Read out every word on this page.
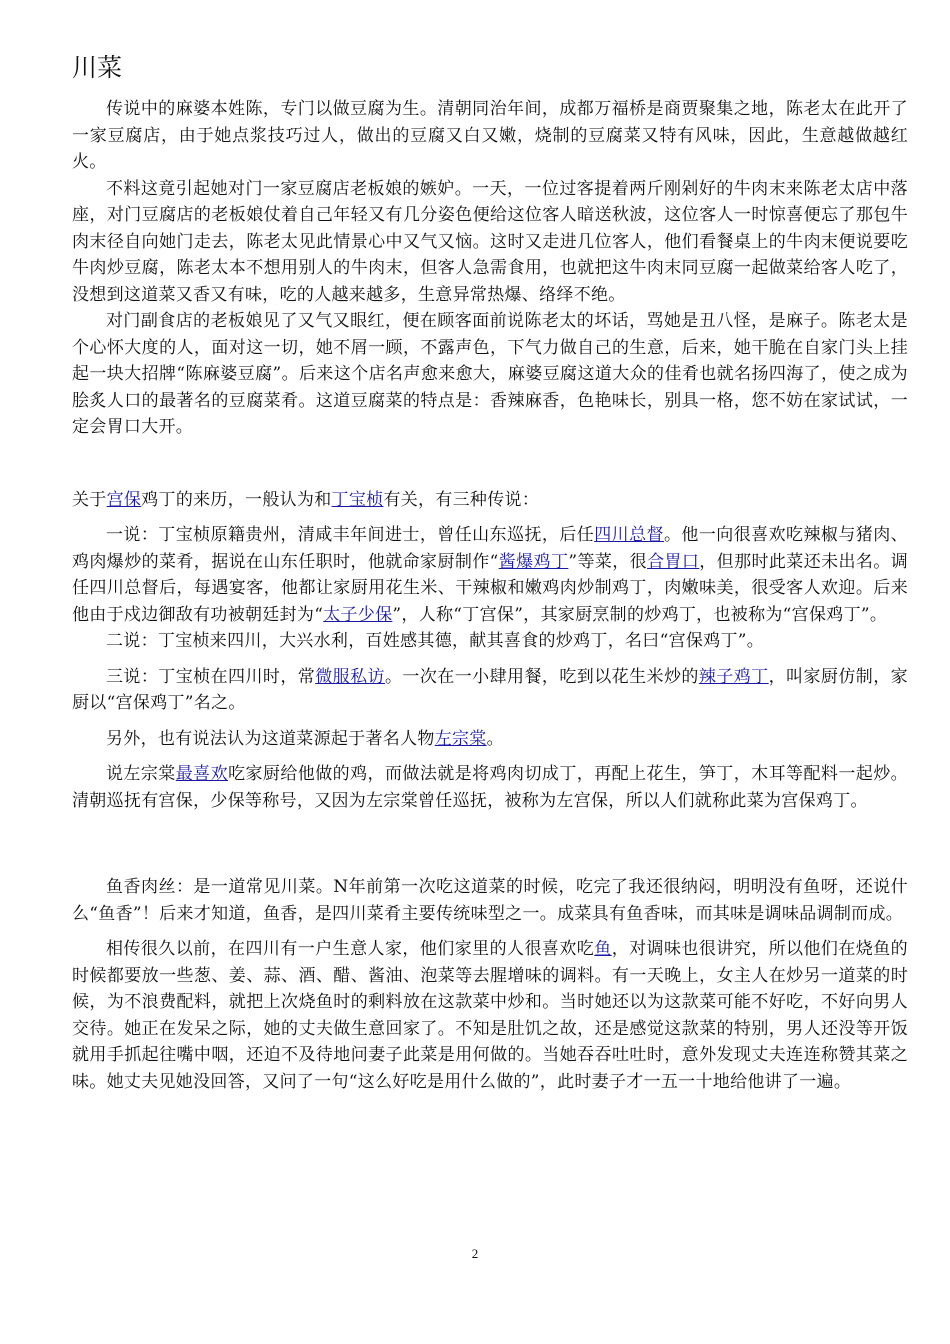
川菜

传说中的麻婆本姓陈，专门以做豆腐为生。清朝同治年间，成都万福桥是商贾聚集之地，陈老太在此开了一家豆腐店，由于她点浆技巧过人，做出的豆腐又白又嫩，烧制的豆腐菜又特有风味，因此，生意越做越红火。

不料这竟引起她对门一家豆腐店老板娘的嫉妒。一天，一位过客提着两斤刚剁好的牛肉末来陈老太店中落座，对门豆腐店的老板娘仗着自己年轻又有几分姿色便给这位客人暗送秋波，这位客人一时惊喜便忘了那包牛肉末径自向她门走去，陈老太见此情景心中又气又恼。这时又走进几位客人，他们看餐桌上的牛肉末便说要吃牛肉炒豆腐，陈老太本不想用别人的牛肉末，但客人急需食用，也就把这牛肉末同豆腐一起做菜给客人吃了，没想到这道菜又香又有味，吃的人越来越多，生意异常热爆、络绎不绝。

对门副食店的老板娘见了又气又眼红，便在顾客面前说陈老太的坏话，骂她是丑八怪，是麻子。陈老太是个心怀大度的人，面对这一切，她不屑一顾，不露声色，下气力做自己的生意，后来，她干脆在自家门头上挂起一块大招牌“陈麻婆豆腐”。后来这个店名声愈来愈大，麻婆豆腐这道大众的佳肴也就名扬四海了，使之成为脍炙人口的最著名的豆腐菜肴。这道豆腐菜的特点是：香辣麻香，色艳味长，别具一格，您不妨在家试试，一定会胃口大开。

关于宫保鸡丁的来历，一般认为和丁宝桢有关，有三种传说：

一说：丁宝桢原籍贵州，清咸丰年间进士，曾任山东巡抚，后任四川总督。他一向很喜欢吃辣椒与猪肉、鸡肉爆炒的菜肴，据说在山东任职时，他就命家厨制作“酱爆鸡丁”等菜，很合胃口，但那时此菜还未出名。调任四川总督后，每遇宴客，他都让家厨用花生米、干辣椒和嫩鸡肉炒制鸡丁，肉嫩味美，很受客人欢迎。后来他由于戍边御敌有功被朝廷封为“太子少保”，人称“丁宫保”，其家厨烹制的炒鸡丁，也被称为“宫保鸡丁”。

二说：丁宝桢来四川，大兴水利，百姓感其德，献其喜食的炒鸡丁，名曰“宫保鸡丁”。

三说：丁宝桢在四川时，常微服私访。一次在一小肆用餐，吃到以花生米炒的辣子鸡丁，叫家厨仿制，家厨以“宫保鸡丁”名之。

另外，也有说法认为这道菜源起于著名人物左宗棠。

说左宗棠最喜欢吃家厨给他做的鸡，而做法就是将鸡肉切成丁，再配上花生，笋丁，木耳等配料一起炒。清朝巡抚有宫保，少保等称号，又因为左宗棠曾任巡抚，被称为左宫保，所以人们就称此菜为宫保鸡丁。

鱼香肉丝：是一道常见川菜。N年前第一次吃这道菜的时候，吃完了我还很纳闷，明明没有鱼呀，还说什么“鱼香”！后来才知道，鱼香，是四川菜肴主要传统味型之一。成菜具有鱼香味，而其味是调味品调制而成。

相传很久以前，在四川有一户生意人家，他们家里的人很喜欢吃鱼，对调味也很讲究，所以他们在烧鱼的时候都要放一些葱、姜、蒜、酒、醋、酱油、泡菜等去腥增味的调料。有一天晚上，女主人在炒另一道菜的时候，为不浪费配料，就把上次烧鱼时的剩料放在这款菜中炒和。当时她还以为这款菜可能不好吃，不好向男人交待。她正在发呆之际，她的丈夫做生意回家了。不知是肚饥之故，还是感觉这款菜的特别，男人还没等开饭就用手抓起往嘴中咽，还迫不及待地问妻子此菜是用何做的。当她吞吞吐吐时，意外发现丈夫连连称赞其菜之味。她丈夫见她没回答，又问了一句“这么好吃是用什么做的”，此时妻子才一五一十地给他讲了一遍。

2
